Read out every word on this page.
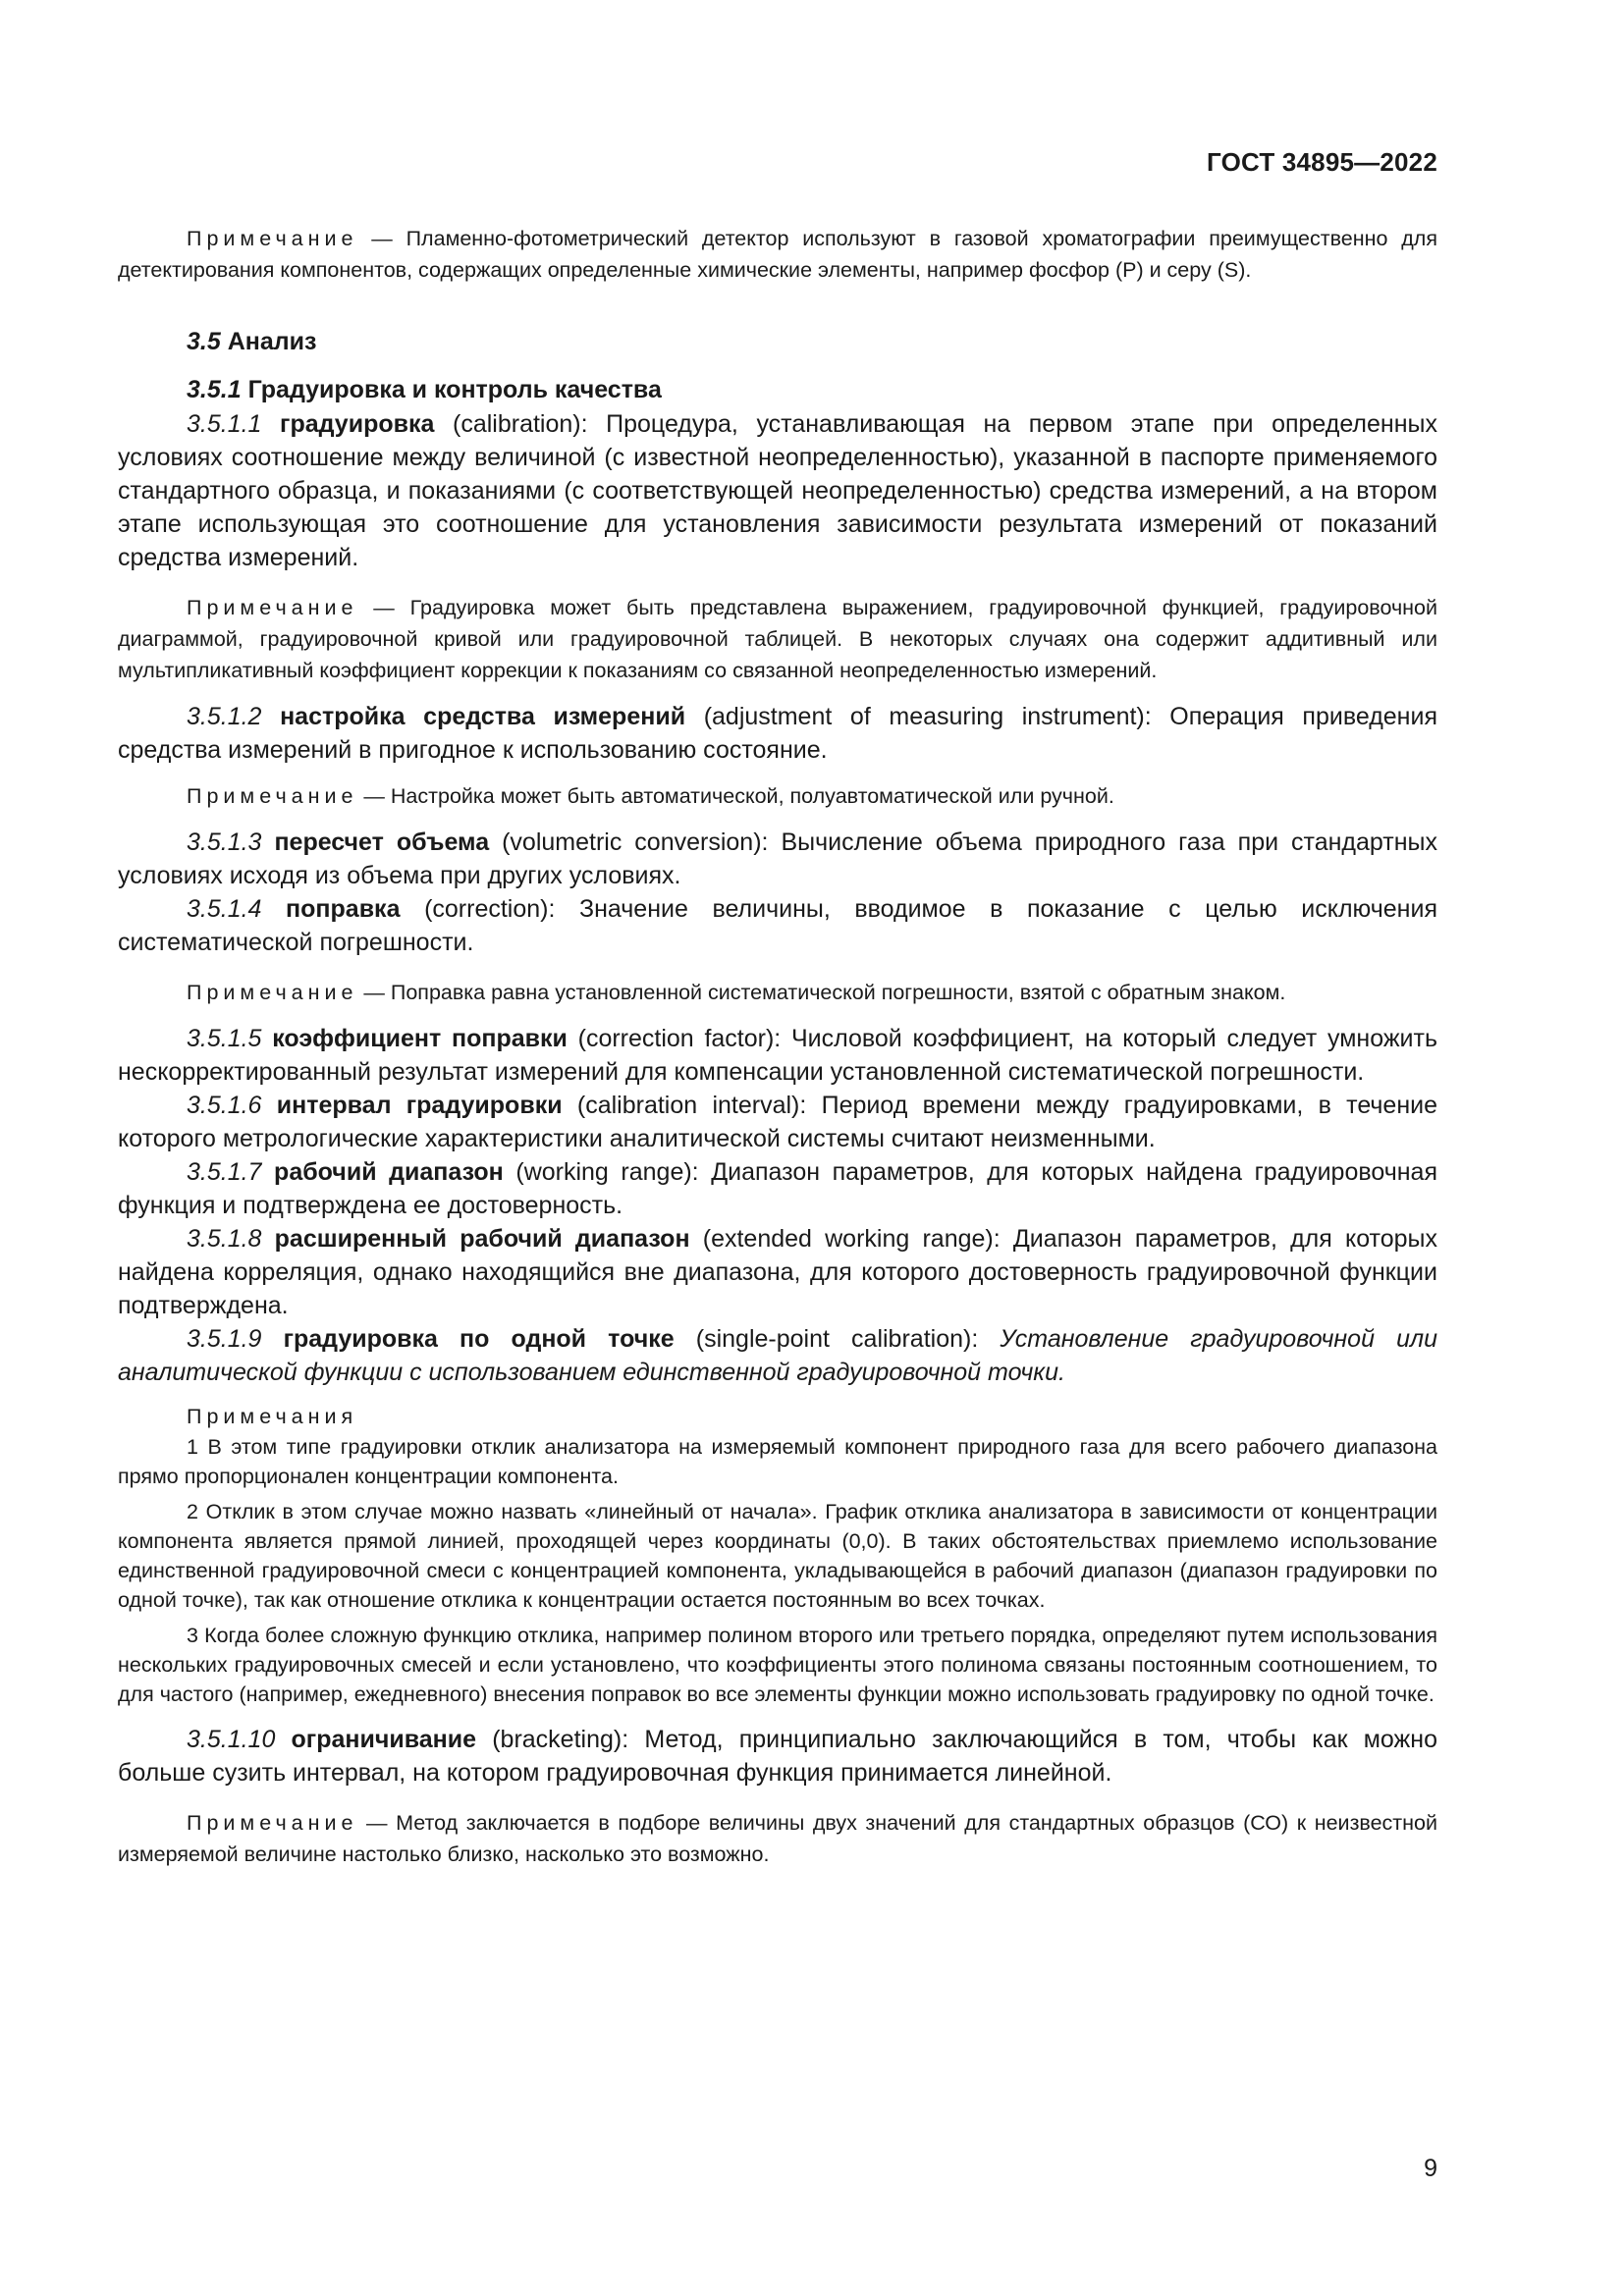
ГОСТ 34895—2022

Примечание — Пламенно-фотометрический детектор используют в газовой хроматографии преимущественно для детектирования компонентов, содержащих определенные химические элементы, например фосфор (P) и серу (S).

3.5 Анализ

3.5.1 Градуировка и контроль качества

3.5.1.1 градуировка (calibration): Процедура, устанавливающая на первом этапе при определенных условиях соотношение между величиной (с известной неопределенностью), указанной в паспорте применяемого стандартного образца, и показаниями (с соответствующей неопределенностью) средства измерений, а на втором этапе использующая это соотношение для установления зависимости результата измерений от показаний средства измерений.

Примечание — Градуировка может быть представлена выражением, градуировочной функцией, градуировочной диаграммой, градуировочной кривой или градуировочной таблицей. В некоторых случаях она содержит аддитивный или мультипликативный коэффициент коррекции к показаниям со связанной неопределенностью измерений.

3.5.1.2 настройка средства измерений (adjustment of measuring instrument): Операция приведения средства измерений в пригодное к использованию состояние.

Примечание — Настройка может быть автоматической, полуавтоматической или ручной.

3.5.1.3 пересчет объема (volumetric conversion): Вычисление объема природного газа при стандартных условиях исходя из объема при других условиях.

3.5.1.4 поправка (correction): Значение величины, вводимое в показание с целью исключения систематической погрешности.

Примечание — Поправка равна установленной систематической погрешности, взятой с обратным знаком.

3.5.1.5 коэффициент поправки (correction factor): Числовой коэффициент, на который следует умножить нескорректированный результат измерений для компенсации установленной систематической погрешности.

3.5.1.6 интервал градуировки (calibration interval): Период времени между градуировками, в течение которого метрологические характеристики аналитической системы считают неизменными.

3.5.1.7 рабочий диапазон (working range): Диапазон параметров, для которых найдена градуировочная функция и подтверждена ее достоверность.

3.5.1.8 расширенный рабочий диапазон (extended working range): Диапазон параметров, для которых найдена корреляция, однако находящийся вне диапазона, для которого достоверность градуировочной функции подтверждена.

3.5.1.9 градуировка по одной точке (single-point calibration): Установление градуировочной или аналитической функции с использованием единственной градуировочной точки.

Примечания

1 В этом типе градуировки отклик анализатора на измеряемый компонент природного газа для всего рабочего диапазона прямо пропорционален концентрации компонента.

2 Отклик в этом случае можно назвать «линейный от начала». График отклика анализатора в зависимости от концентрации компонента является прямой линией, проходящей через координаты (0,0). В таких обстоятельствах приемлемо использование единственной градуировочной смеси с концентрацией компонента, укладывающейся в рабочий диапазон (диапазон градуировки по одной точке), так как отношение отклика к концентрации остается постоянным во всех точках.

3 Когда более сложную функцию отклика, например полином второго или третьего порядка, определяют путем использования нескольких градуировочных смесей и если установлено, что коэффициенты этого полинома связаны постоянным соотношением, то для частого (например, ежедневного) внесения поправок во все элементы функции можно использовать градуировку по одной точке.

3.5.1.10 ограничивание (bracketing): Метод, принципиально заключающийся в том, чтобы как можно больше сузить интервал, на котором градуировочная функция принимается линейной.

Примечание — Метод заключается в подборе величины двух значений для стандартных образцов (СО) к неизвестной измеряемой величине настолько близко, насколько это возможно.

9
